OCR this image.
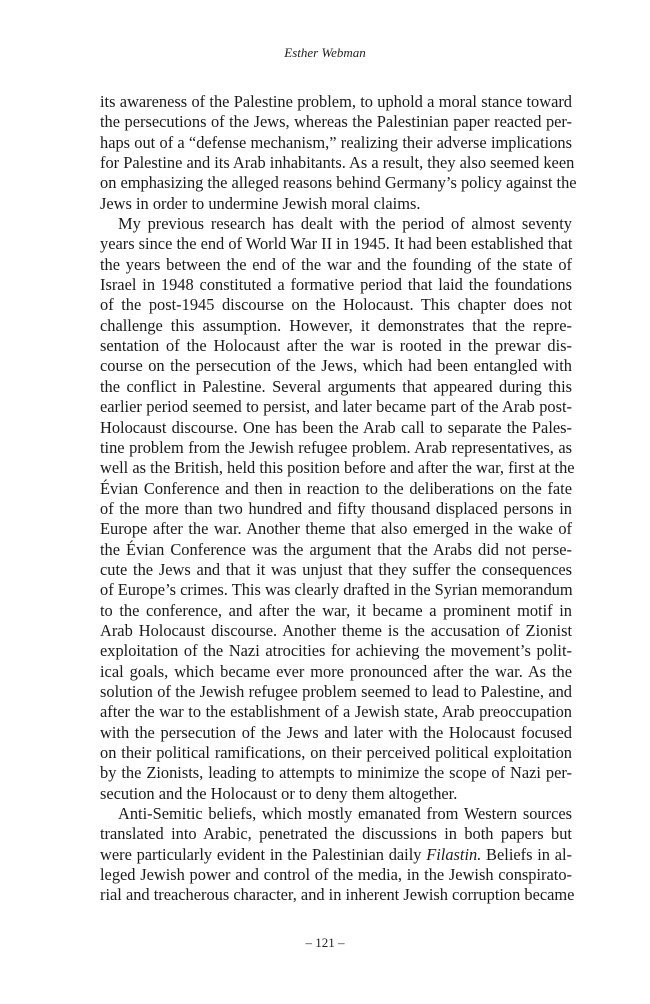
Esther Webman
its awareness of the Palestine problem, to uphold a moral stance toward
the persecutions of the Jews, whereas the Palestinian paper reacted per-
haps out of a “defense mechanism,” realizing their adverse implications
for Palestine and its Arab inhabitants. As a result, they also seemed keen
on emphasizing the alleged reasons behind Germany’s policy against the
Jews in order to undermine Jewish moral claims.
My previous research has dealt with the period of almost seventy
years since the end of World War II in 1945. It had been established that
the years between the end of the war and the founding of the state of
Israel in 1948 constituted a formative period that laid the foundations
of the post-1945 discourse on the Holocaust. This chapter does not
challenge this assumption. However, it demonstrates that the repre-
sentation of the Holocaust after the war is rooted in the prewar dis-
course on the persecution of the Jews, which had been entangled with
the conflict in Palestine. Several arguments that appeared during this
earlier period seemed to persist, and later became part of the Arab post-
Holocaust discourse. One has been the Arab call to separate the Pales-
tine problem from the Jewish refugee problem. Arab representatives, as
well as the British, held this position before and after the war, first at the
Évian Conference and then in reaction to the deliberations on the fate
of the more than two hundred and fifty thousand displaced persons in
Europe after the war. Another theme that also emerged in the wake of
the Évian Conference was the argument that the Arabs did not perse-
cute the Jews and that it was unjust that they suffer the consequences
of Europe’s crimes. This was clearly drafted in the Syrian memorandum
to the conference, and after the war, it became a prominent motif in
Arab Holocaust discourse. Another theme is the accusation of Zionist
exploitation of the Nazi atrocities for achieving the movement’s polit-
ical goals, which became ever more pronounced after the war. As the
solution of the Jewish refugee problem seemed to lead to Palestine, and
after the war to the establishment of a Jewish state, Arab preoccupation
with the persecution of the Jews and later with the Holocaust focused
on their political ramifications, on their perceived political exploitation
by the Zionists, leading to attempts to minimize the scope of Nazi per-
secution and the Holocaust or to deny them altogether.
Anti-Semitic beliefs, which mostly emanated from Western sources
translated into Arabic, penetrated the discussions in both papers but
were particularly evident in the Palestinian daily Filastin. Beliefs in al-
leged Jewish power and control of the media, in the Jewish conspirato-
rial and treacherous character, and in inherent Jewish corruption became
– 121 –
